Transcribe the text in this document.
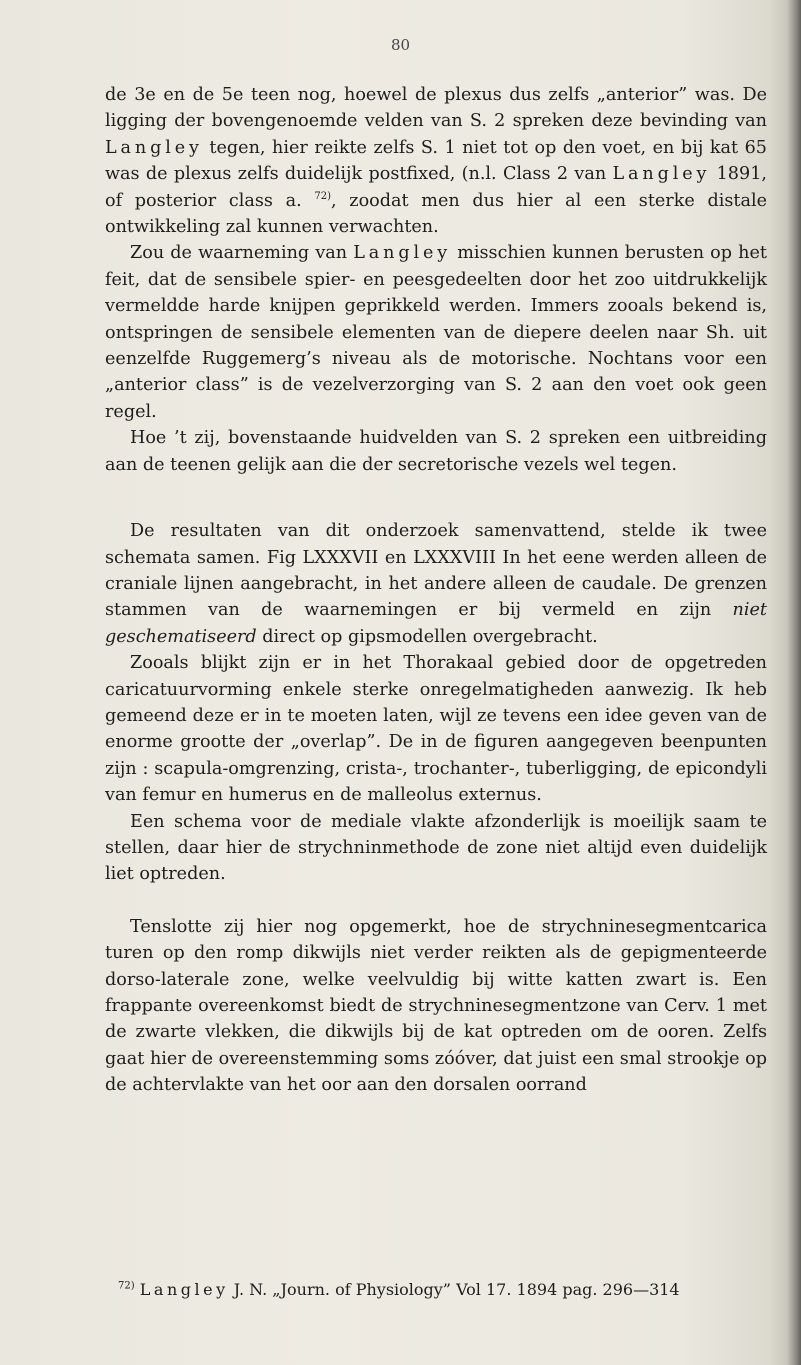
80

de 3e en de 5e teen nog, hoewel de plexus dus zelfs „anterior” was. De ligging der bovengenoemde velden van S. 2 spreken deze bevinding van Langley tegen, hier reikte zelfs S. 1 niet tot op den voet, en bij kat 65 was de plexus zelfs duidelijk postfixed, (n.l. Class 2 van Langley 1891, of posterior class a. $^{72)}$, zoodat men dus hier al een sterke distale ontwikkeling zal kunnen verwachten.

Zou de waarneming van Langley misschien kunnen berusten op het feit, dat de sensibele spier- en peesgedeelten door het zoo uitdrukkelijk vermeldde harde knijpen geprikkeld werden. Immers zooals bekend is, ontspringen de sensibele elementen van de diepere deelen naar Sh. uit eenzelfde Ruggemerg’s niveau als de motorische. Nochtans voor een „anterior class” is de vezelverzorging van S. 2 aan den voet ook geen regel.

Hoe ’t zij, bovenstaande huidvelden van S. 2 spreken een uitbreiding aan de teenen gelijk aan die der secretorische vezels wel tegen.

De resultaten van dit onderzoek samenvattend, stelde ik twee schemata samen. Fig LXXXVII en LXXXVIII In het eene werden alleen de craniale lijnen aangebracht, in het andere alleen de caudale. De grenzen stammen van de waarnemingen er bij vermeld en zijn niet geschematiseerd direct op gipsmodellen overgebracht.

Zooals blijkt zijn er in het Thorakaal gebied door de opgetreden caricatuurvorming enkele sterke onregelmatigheden aanwezig. Ik heb gemeend deze er in te moeten laten, wijl ze tevens een idee geven van de enorme grootte der „overlap”. De in de figuren aangegeven beenpunten zijn : scapula-omgrenzing, crista-, trochanter-, tuberligging, de epicondyli van femur en humerus en de malleolus externus.

Een schema voor de mediale vlakte afzonderlijk is moeilijk saam te stellen, daar hier de strychninmethode de zone niet altijd even duidelijk liet optreden.

Tenslotte zij hier nog opgemerkt, hoe de strychninesegmentcarica turen op den romp dikwijls niet verder reikten als de gepigmenteerde dorso-laterale zone, welke veelvuldig bij witte katten zwart is. Een frappante overeenkomst biedt de strychninesegmentzone van Cerv. 1 met de zwarte vlekken, die dikwijls bij de kat optreden om de ooren. Zelfs gaat hier de overeenstemming soms zóóver, dat juist een smal strookje op de achtervlakte van het oor aan den dorsalen oorrand

$^{72)}$ Langley J. N. „Journ. of Physiology” Vol 17. 1894 pag. 296—314
